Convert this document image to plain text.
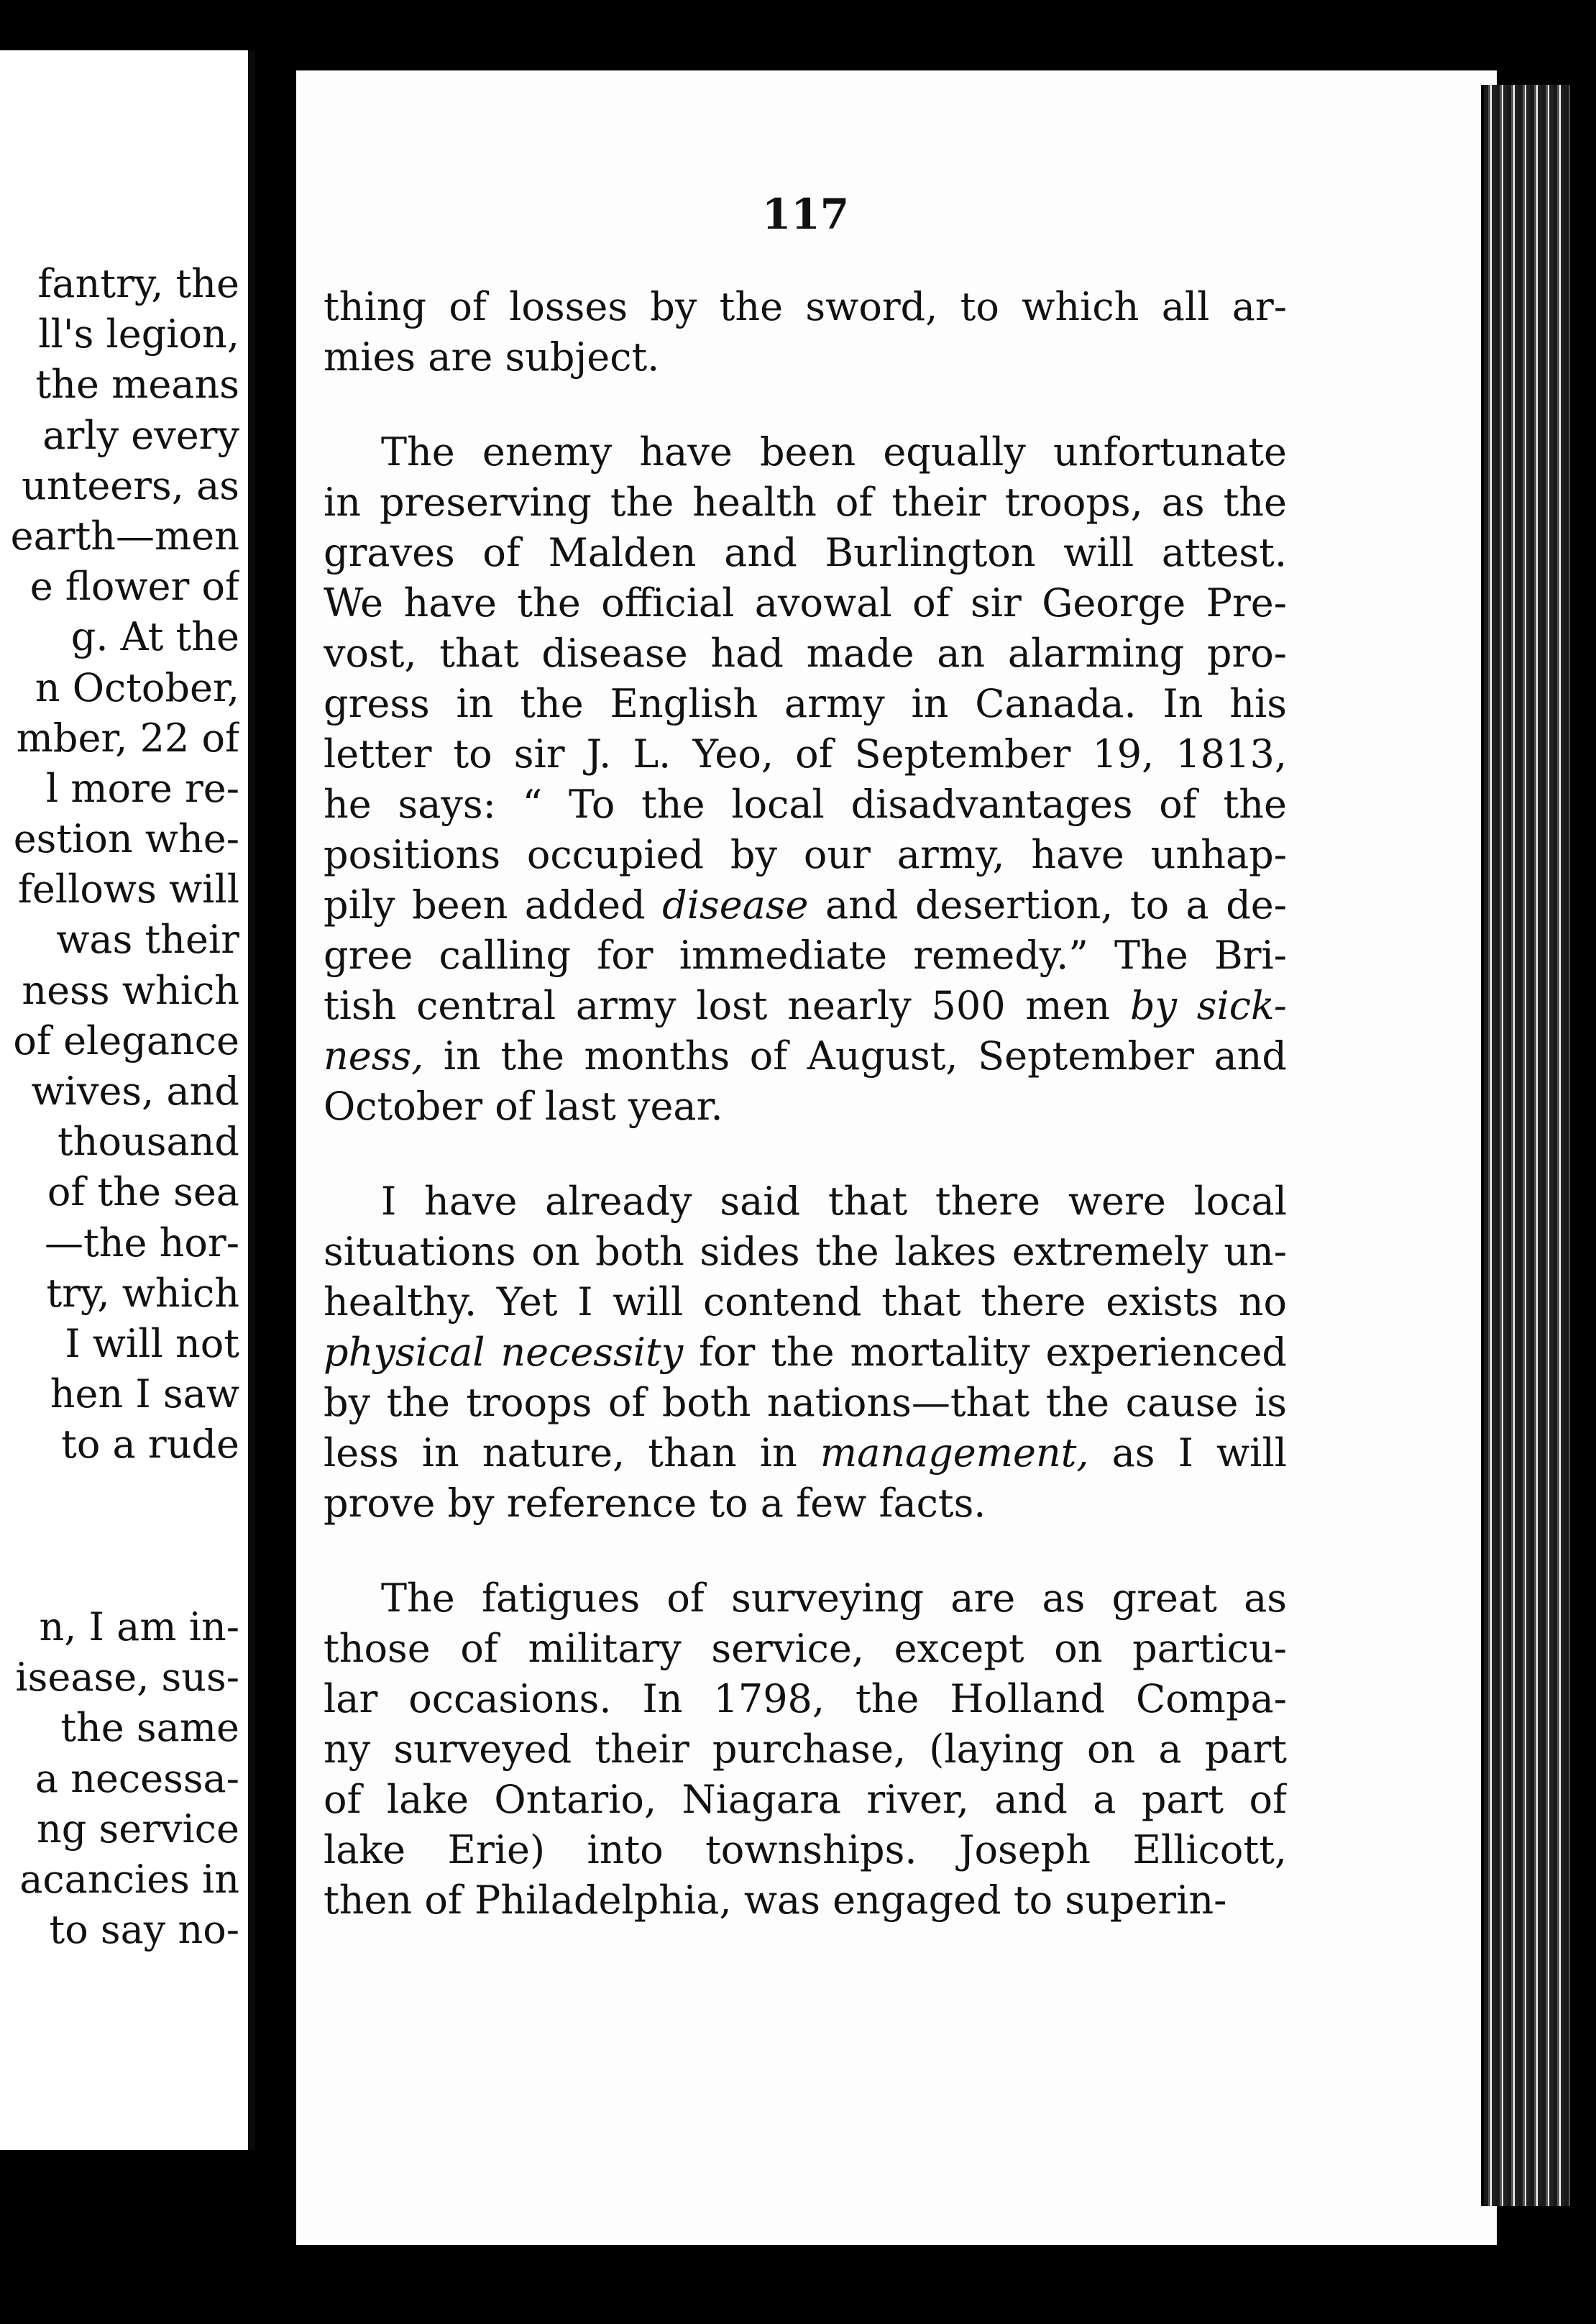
fantry, the
ll's legion,
the means
arly every
unteers, as
earth—men
e flower of
g. At the
n October,
mber, 22 of
l more re-
estion whe-
fellows will
was their
ness which
of elegance
wives, and
thousand
of the sea
—the hor-
try, which
I will not
hen I saw
to a rude
n, I am in-
isease, sus-
the same
a necessa-
ng service
acancies in
to say no-
117
thing of losses by the sword, to which all ar-
mies are subject.
The enemy have been equally unfortunate
in preserving the health of their troops, as the
graves of Malden and Burlington will attest.
We have the official avowal of sir George Pre-
vost, that disease had made an alarming pro-
gress in the English army in Canada. In his
letter to sir J. L. Yeo, of September 19, 1813,
he says: “ To the local disadvantages of the
positions occupied by our army, have unhap-
pily been added disease and desertion, to a de-
gree calling for immediate remedy.” The Bri-
tish central army lost nearly 500 men by sick-
ness, in the months of August, September and
October of last year.
I have already said that there were local
situations on both sides the lakes extremely un-
healthy. Yet I will contend that there exists no
physical necessity for the mortality experienced
by the troops of both nations—that the cause is
less in nature, than in management, as I will
prove by reference to a few facts.
The fatigues of surveying are as great as
those of military service, except on particu-
lar occasions. In 1798, the Holland Compa-
ny surveyed their purchase, (laying on a part
of lake Ontario, Niagara river, and a part of
lake Erie) into townships. Joseph Ellicott,
then of Philadelphia, was engaged to superin-
